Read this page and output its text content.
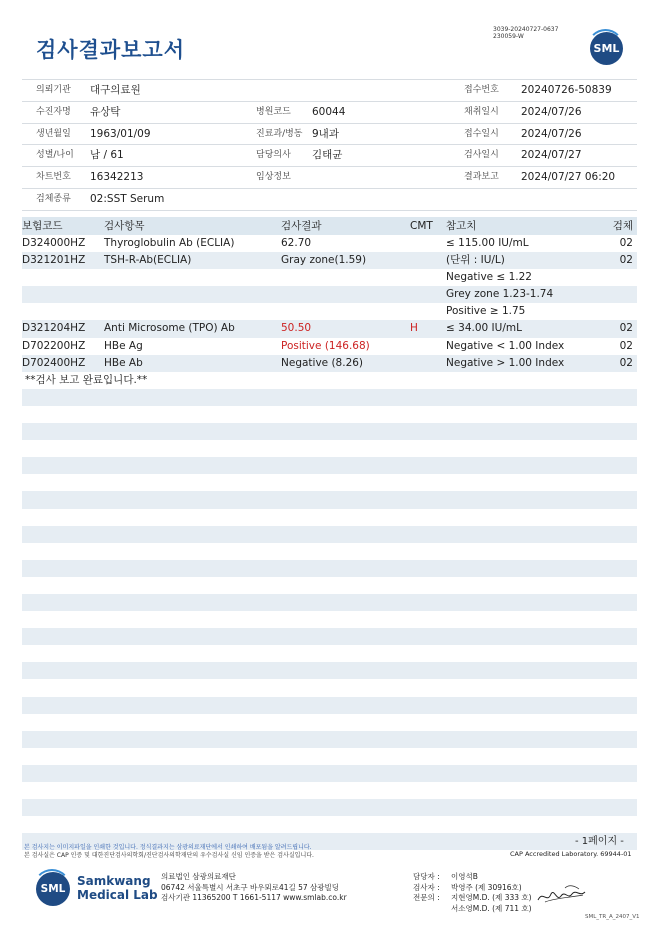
검사결과보고서
3039-20240727-0637
230059-W
SML
의뢰기관 대구의료원	접수번호 20240726-50839
수진자명 유상탁	병원코드 60044	채취일시 2024/07/26
생년월일 1963/01/09	진료과/병동 9내과	접수일시 2024/07/26
성별/나이 남 / 61	담당의사 김태균	검사일시 2024/07/27
차트번호 16342213	임상정보	결과보고 2024/07/27 06:20
검체종류 02:SST Serum
보험코드	검사항목	검사결과	CMT 참고치	검체
D324000HZ Thyroglobulin Ab (ECLIA)	62.70	≤ 115.00 IU/mL	02
D321201HZ TSH-R-Ab(ECLIA)	Gray zone(1.59)	(단위 : IU/L)	02
Negative ≤ 1.22
Grey zone 1.23-1.74
Positive ≥ 1.75
D321204HZ Anti Microsome (TPO) Ab	50.50	H	≤ 34.00 IU/mL	02
D702200HZ HBe Ag	Positive (146.68)	Negative < 1.00 Index	02
D702400HZ HBe Ab	Negative (8.26)	Negative > 1.00 Index	02
**검사 보고 완료입니다.**
본 검사지는 이미지파일을 인쇄한 것입니다. 정식결과지는 삼광의료재단에서 인쇄하여 배포됨을 알려드립니다.
본 검사실은 CAP 인증 및 대한진단검사의학회/진단검사의학재단의 우수검사실 신임 인증을 받은 검사실입니다.
- 1페이지 -
CAP Accredited Laboratory. 69944-01
SML
Samkwang
Medical Lab
의료법인 삼광의료재단
06742 서울특별시 서초구 바우뫼로41길 57 삼광빌딩
검사기관 11365200 T 1661-5117 www.smlab.co.kr
담당자 : 이영석B
검사자 : 박영주 (제 30916호)
전문의 : 지현영M.D. (제 333 호)
서소영M.D. (제 711 호)
SML_TR_A_2407_V1
